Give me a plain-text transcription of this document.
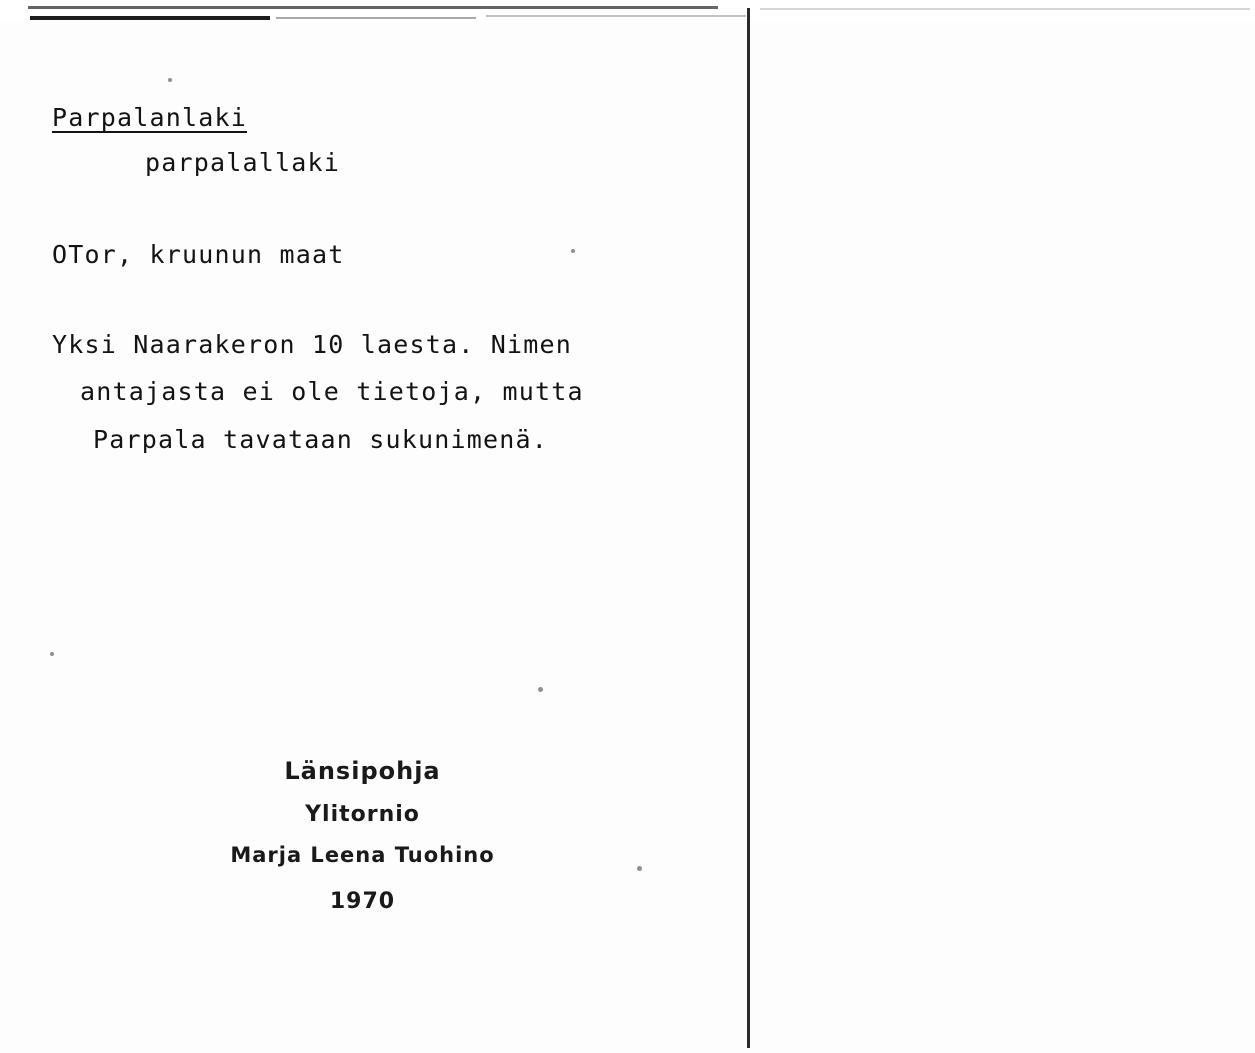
Parpalanlaki
parpalallaki
OTor, kruunun maat
Yksi Naarakeron 10 laesta. Nimen
antajasta ei ole tietoja, mutta
Parpala tavataan sukunimenä.
Länsipohja
Ylitornio
Marja Leena Tuohino
1970
